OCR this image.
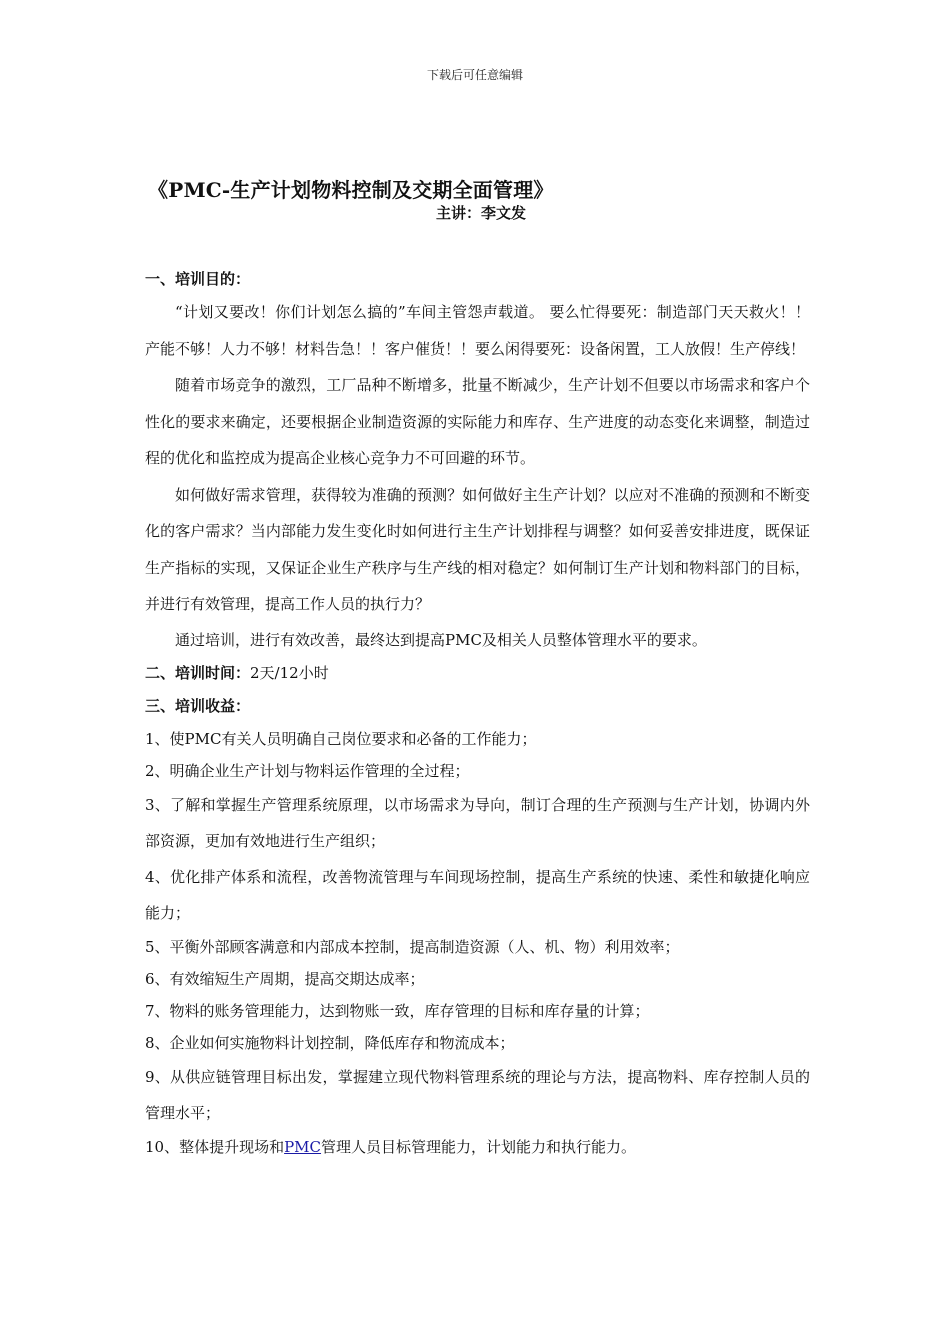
下载后可任意编辑
《PMC-生产计划物料控制及交期全面管理》
主讲：李文发
一、培训目的：

“计划又要改！你们计划怎么搞的”车间主管怨声载道。 要么忙得要死：制造部门天天救火！！产能不够！人力不够！材料告急！！客户催货！！要么闲得要死：设备闲置，工人放假！生产停线！

随着市场竞争的激烈，工厂品种不断增多，批量不断减少，生产计划不但要以市场需求和客户个性化的要求来确定，还要根据企业制造资源的实际能力和库存、生产进度的动态变化来调整，制造过程的优化和监控成为提高企业核心竞争力不可回避的环节。

如何做好需求管理，获得较为准确的预测？如何做好主生产计划？以应对不准确的预测和不断变化的客户需求？当内部能力发生变化时如何进行主生产计划排程与调整？如何妥善安排进度，既保证生产指标的实现，又保证企业生产秩序与生产线的相对稳定？如何制订生产计划和物料部门的目标，并进行有效管理，提高工作人员的执行力？

通过培训，进行有效改善，最终达到提高PMC及相关人员整体管理水平的要求。

二、培训时间：2天/12小时
三、培训收益：

1、使PMC有关人员明确自己岗位要求和必备的工作能力；

2、明确企业生产计划与物料运作管理的全过程；

3、了解和掌握生产管理系统原理，以市场需求为导向，制订合理的生产预测与生产计划，协调内外部资源，更加有效地进行生产组织；

4、优化排产体系和流程，改善物流管理与车间现场控制，提高生产系统的快速、柔性和敏捷化响应能力；

5、平衡外部顾客满意和内部成本控制，提高制造资源（人、机、物）利用效率；

6、有效缩短生产周期，提高交期达成率；

7、物料的账务管理能力，达到物账一致，库存管理的目标和库存量的计算；

8、企业如何实施物料计划控制，降低库存和物流成本；

9、从供应链管理目标出发，掌握建立现代物料管理系统的理论与方法，提高物料、库存控制人员的管理水平；

10、整体提升现场和PMC管理人员目标管理能力，计划能力和执行能力。
